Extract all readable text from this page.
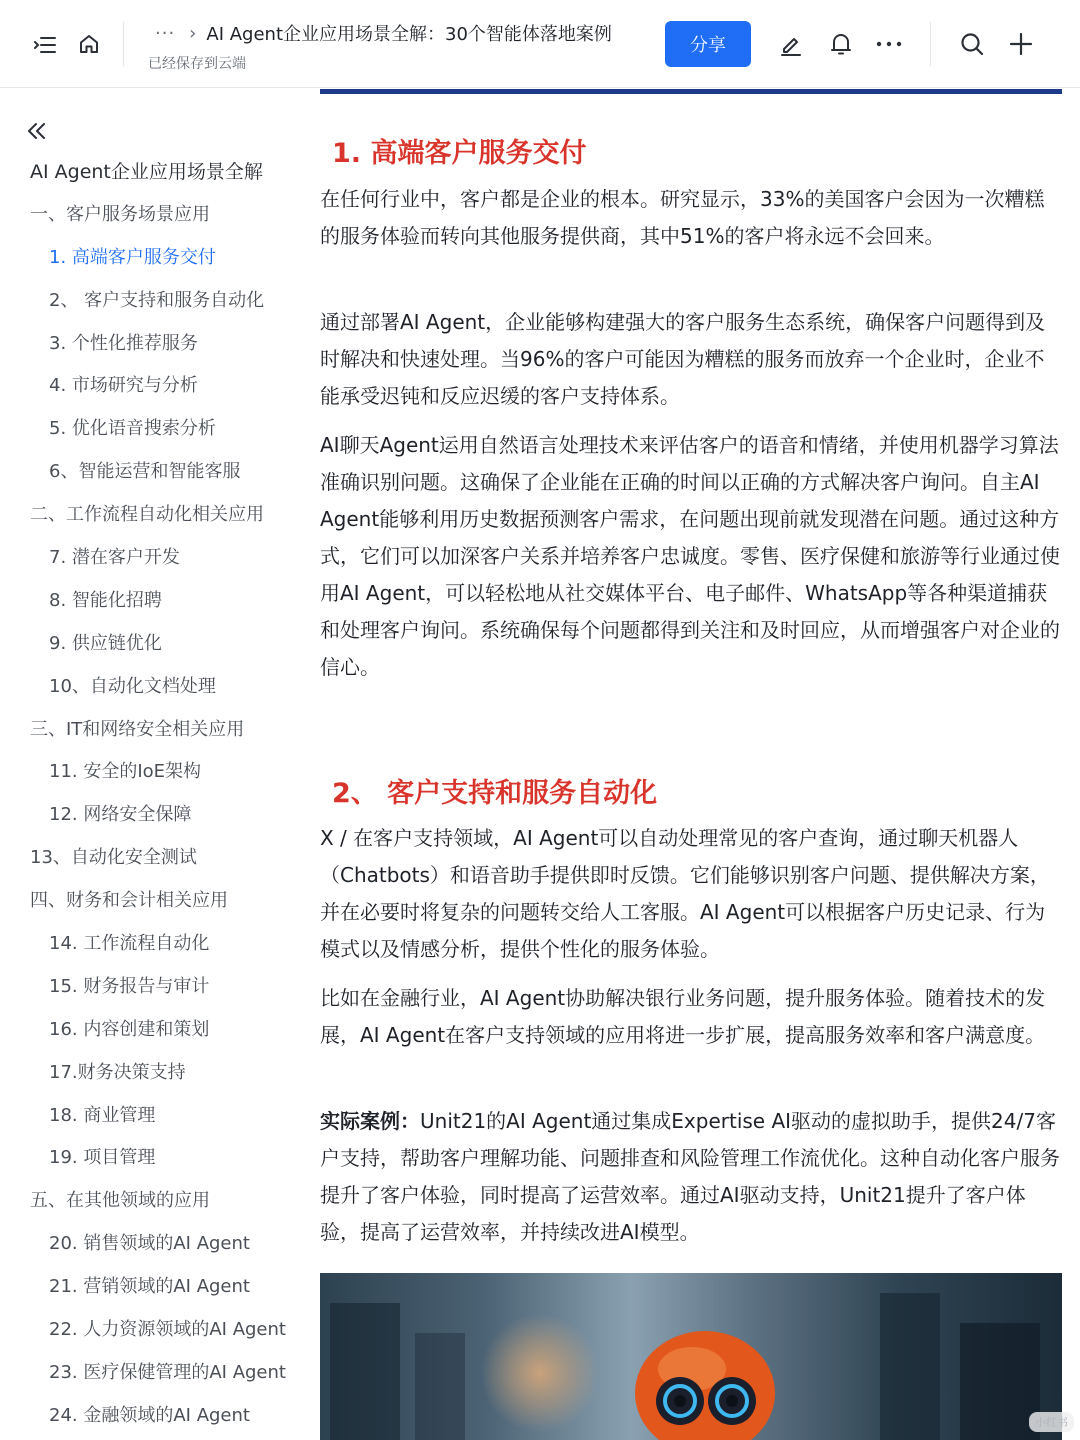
··· › AI Agent企业应用场景全解：30个智能体落地案例
已经保存到云端
分享
AI Agent企业应用场景全解
一、客户服务场景应用
1. 高端客户服务交付
2、 客户支持和服务自动化
3. 个性化推荐服务
4. 市场研究与分析
5. 优化语音搜索分析
6、智能运营和智能客服
二、工作流程自动化相关应用
7. 潜在客户开发
8. 智能化招聘
9. 供应链优化
10、自动化文档处理
三、IT和网络安全相关应用
11. 安全的IoE架构
12. 网络安全保障
13、自动化安全测试
四、财务和会计相关应用
14. 工作流程自动化
15. 财务报告与审计
16. 内容创建和策划
17.财务决策支持
18. 商业管理
19. 项目管理
五、在其他领域的应用
20. 销售领域的AI Agent
21. 营销领域的AI Agent
22. 人力资源领域的AI Agent
23. 医疗保健管理的AI Agent
24. 金融领域的AI Agent
1. 高端客户服务交付

在任何行业中，客户都是企业的根本。研究显示，33%的美国客户会因为一次糟糕的服务体验而转向其他服务提供商，其中51%的客户将永远不会回来。

通过部署AI Agent，企业能够构建强大的客户服务生态系统，确保客户问题得到及时解决和快速处理。当96%的客户可能因为糟糕的服务而放弃一个企业时，企业不能承受迟钝和反应迟缓的客户支持体系。

AI聊天Agent运用自然语言处理技术来评估客户的语音和情绪，并使用机器学习算法准确识别问题。这确保了企业能在正确的时间以正确的方式解决客户询问。自主AI Agent能够利用历史数据预测客户需求，在问题出现前就发现潜在问题。通过这种方式，它们可以加深客户关系并培养客户忠诚度。零售、医疗保健和旅游等行业通过使用AI Agent，可以轻松地从社交媒体平台、电子邮件、WhatsApp等各种渠道捕获和处理客户询问。系统确保每个问题都得到关注和及时回应，从而增强客户对企业的信心。

2、 客户支持和服务自动化

X / 在客户支持领域，AI Agent可以自动处理常见的客户查询，通过聊天机器人（Chatbots）和语音助手提供即时反馈。它们能够识别客户问题、提供解决方案，并在必要时将复杂的问题转交给人工客服。AI Agent可以根据客户历史记录、行为模式以及情感分析，提供个性化的服务体验。

比如在金融行业，AI Agent协助解决银行业务问题，提升服务体验。随着技术的发展，AI Agent在客户支持领域的应用将进一步扩展，提高服务效率和客户满意度。

实际案例：Unit21的AI Agent通过集成Expertise AI驱动的虚拟助手，提供24/7客户支持，帮助客户理解功能、问题排查和风险管理工作流优化。这种自动化客户服务提升了客户体验，同时提高了运营效率。通过AI驱动支持，Unit21提升了客户体验，提高了运营效率，并持续改进AI模型。

小红书
